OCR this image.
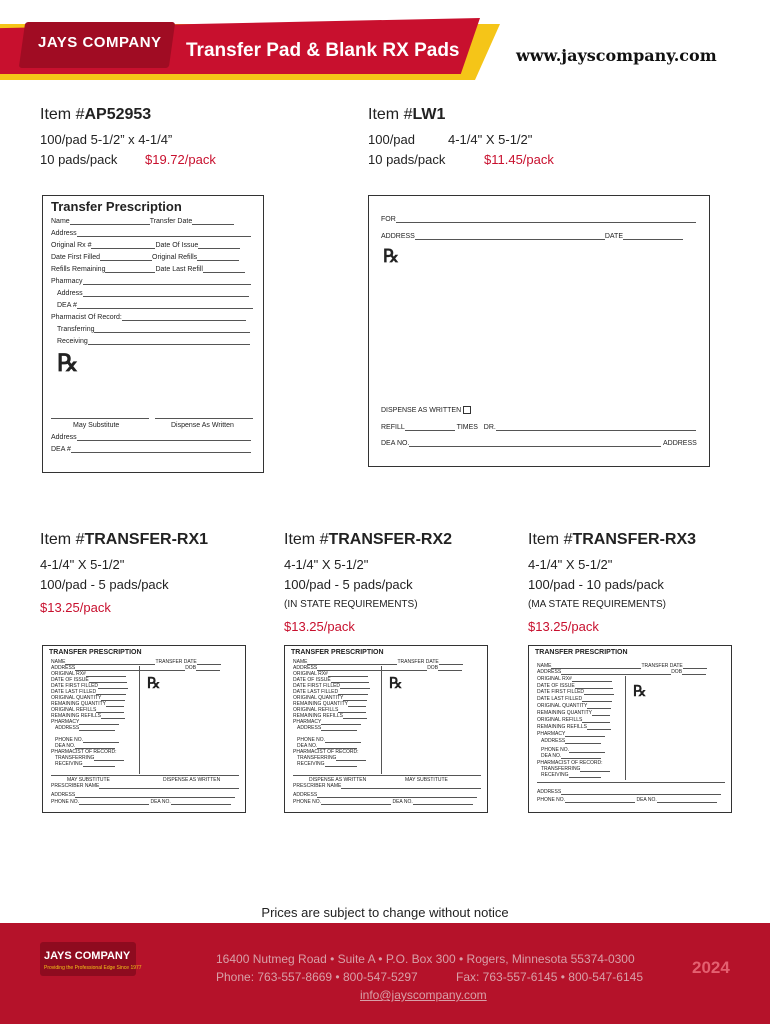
JAYS COMPANY Transfer Pad & Blank RX Pads	www.jayscompany.com
Item #AP52953
100/pad 5-1/2” x 4-1/4”
10 pads/pack $19.72/pack
Item #LW1
100/pad	4-1/4" X 5-1/2"
10 pads/pack	$11.45/pack
Transfer Prescription
Name	Transfer Date
Address
Original Rx #	Date Of Issue
Date First Filled	Original Refills
Refills Remaining	Date Last Refill
Pharmacy
Address
DEA #
Pharmacist Of Record:
Transferring
Receiving
℞
May Substitute	Dispense As Written
Address
DEA #
FOR
ADDRESS	DATE
℞
DISPENSE AS WRITTEN
REFILL	TIMES DR.
DEA NO.	ADDRESS
Item #TRANSFER-RX1
4-1/4" X 5-1/2"
100/pad - 5 pads/pack
$13.25/pack
Item #TRANSFER-RX2
4-1/4" X 5-1/2"
100/pad - 5 pads/pack
(IN STATE REQUIREMENTS)
$13.25/pack
Item #TRANSFER-RX3
4-1/4" X 5-1/2"
100/pad - 10 pads/pack
(MA STATE REQUIREMENTS)
$13.25/pack
TRANSFER PRESCRIPTION
NAME	TRANSFER DATE
ADDRESS	DOB
ORIGINAL RX#
DATE OF ISSUE
DATE FIRST FILLED
DATE LAST FILLED
ORIGINAL QUANTITY
REMAINING QUANTITY
ORIGINAL REFILLS
REMAINING REFILLS
PHARMACY
ADDRESS
PHONE NO.
DEA NO.
PHARMACIST OF RECORD:
TRANSFERRING
RECEIVING
℞
MAY SUBSTITUTE	DISPENSE AS WRITTEN
PRESCRIBER NAME
ADDRESS
PHONE NO.	DEA NO.
TRANSFER PRESCRIPTION
NAME	TRANSFER DATE
ADDRESS	DOB
ORIGINAL RX#
DATE OF ISSUE
DATE FIRST FILLED
DATE LAST FILLED
ORIGINAL QUANTITY
REMAINING QUANTITY
ORIGINAL REFILLS
REMAINING REFILLS
PHARMACY
ADDRESS
PHONE NO.
DEA NO.
PHARMACIST OF RECORD:
TRANSFERRING
RECEIVING
℞
DISPENSE AS WRITTEN	MAY SUBSTITUTE
PRESCRIBER NAME
ADDRESS
PHONE NO.	DEA NO.
TRANSFER PRESCRIPTION
NAME	TRANSFER DATE
ADDRESS	DOB
ORIGINAL RX#
DATE OF ISSUE
DATE FIRST FILLED
DATE LAST FILLED
ORIGINAL QUANTITY
REMAINING QUANTITY
ORIGINAL REFILLS
REMAINING REFILLS
PHARMACY
ADDRESS
PHONE NO.
DEA NO.
PHARMACIST OF RECORD:
TRANSFERRING
RECEIVING
℞
ADDRESS
PHONE NO.	DEA NO.
Prices are subject to change without notice
JAYS COMPANY
Providing the Professional Edge Since 1977
16400 Nutmeg Road • Suite A • P.O. Box 300 • Rogers, Minnesota 55374-0300
Phone: 763-557-8669 • 800-547-5297	Fax: 763-557-6145 • 800-547-6145
info@jayscompany.com
2024
